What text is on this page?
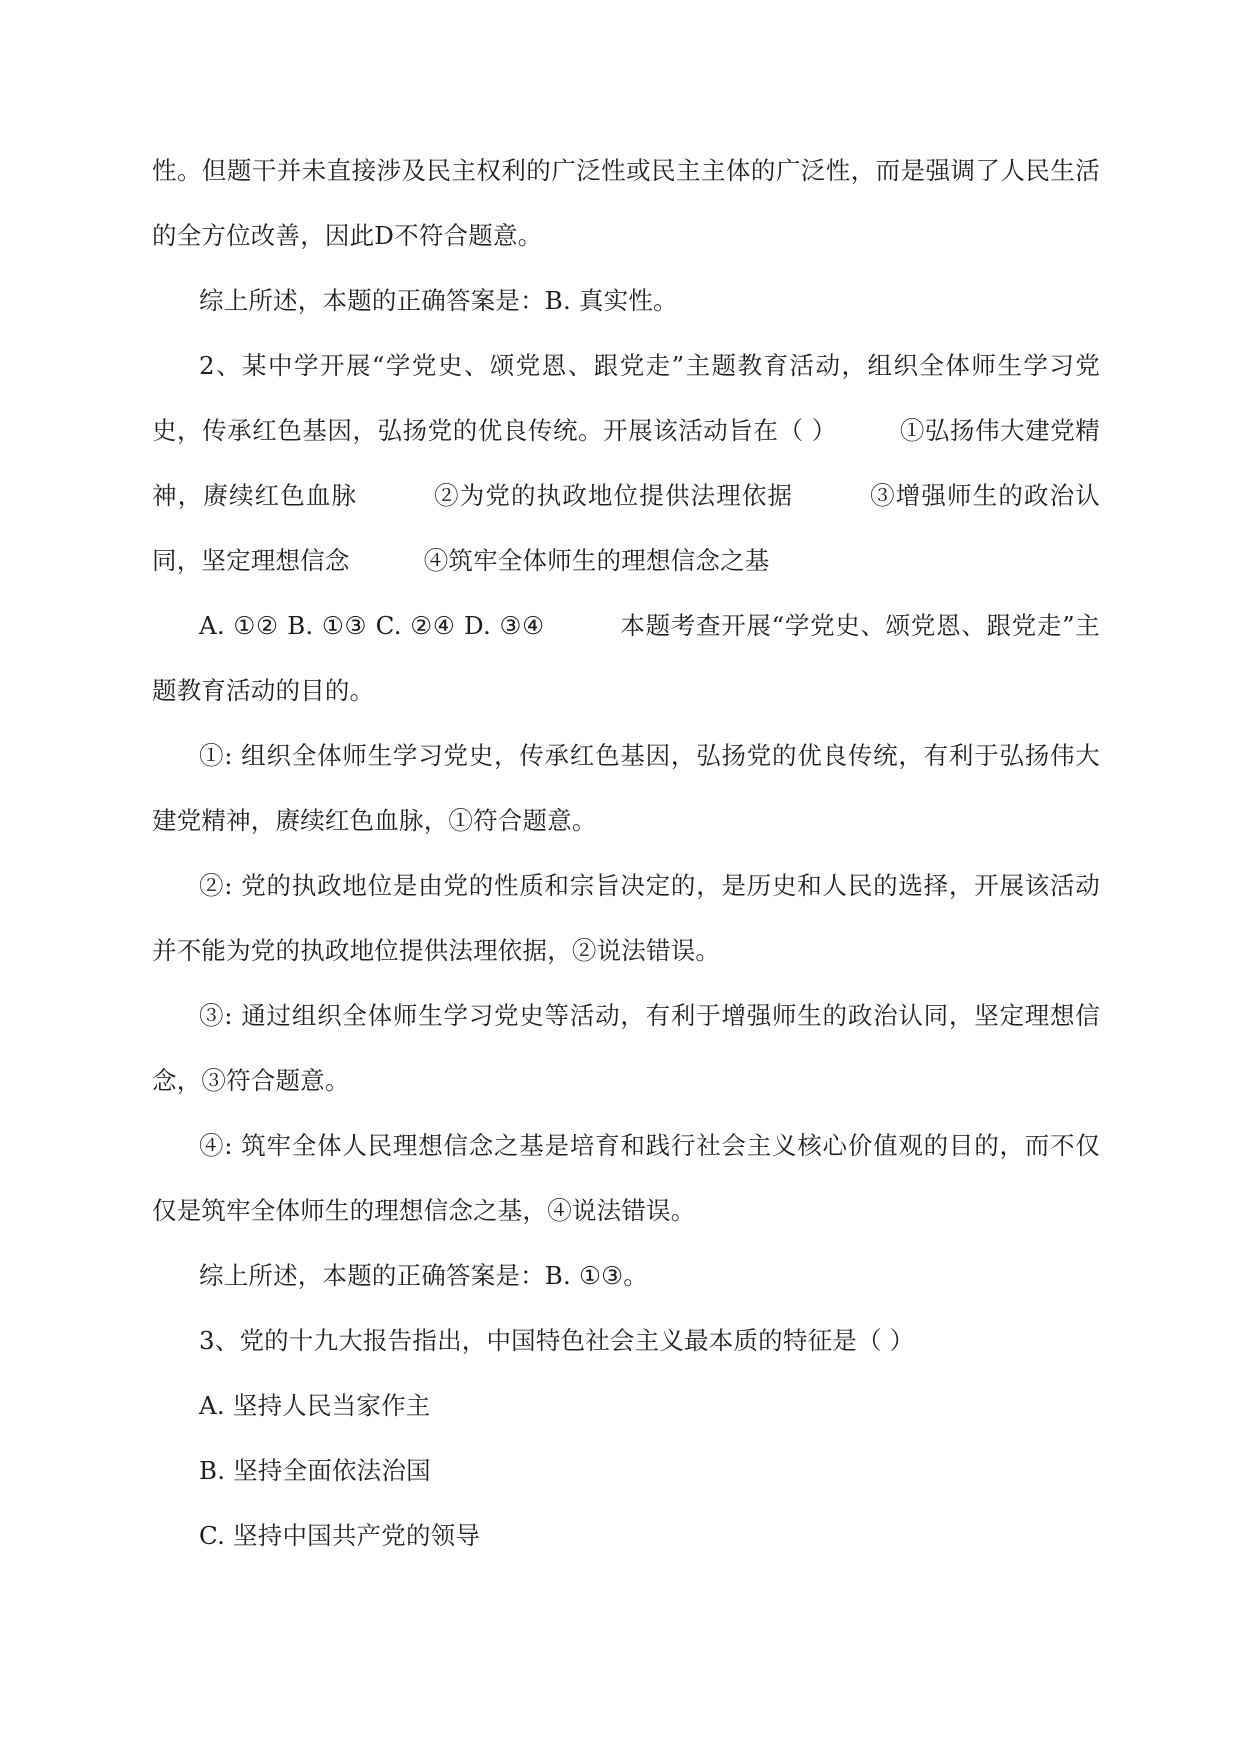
性。但题干并未直接涉及民主权利的广泛性或民主主体的广泛性，而是强调了人民生活的全方位改善，因此D不符合题意。

综上所述，本题的正确答案是：B. 真实性。

2、某中学开展“学党史、颂党恩、跟党走”主题教育活动，组织全体师生学习党史，传承红色基因，弘扬党的优良传统。开展该活动旨在（ ）　　　①弘扬伟大建党精神，赓续红色血脉　　　②为党的执政地位提供法理依据　　　③增强师生的政治认同，坚定理想信念　　　④筑牢全体师生的理想信念之基

A. ①② B. ①③ C. ②④ D. ③④　　　本题考查开展“学党史、颂党恩、跟党走”主题教育活动的目的。

①: 组织全体师生学习党史，传承红色基因，弘扬党的优良传统，有利于弘扬伟大建党精神，赓续红色血脉，①符合题意。

②: 党的执政地位是由党的性质和宗旨决定的，是历史和人民的选择，开展该活动并不能为党的执政地位提供法理依据，②说法错误。

③: 通过组织全体师生学习党史等活动，有利于增强师生的政治认同，坚定理想信念，③符合题意。

④: 筑牢全体人民理想信念之基是培育和践行社会主义核心价值观的目的，而不仅仅是筑牢全体师生的理想信念之基，④说法错误。

综上所述，本题的正确答案是：B. ①③。

3、党的十九大报告指出，中国特色社会主义最本质的特征是（ ）

A. 坚持人民当家作主

B. 坚持全面依法治国

C. 坚持中国共产党的领导
